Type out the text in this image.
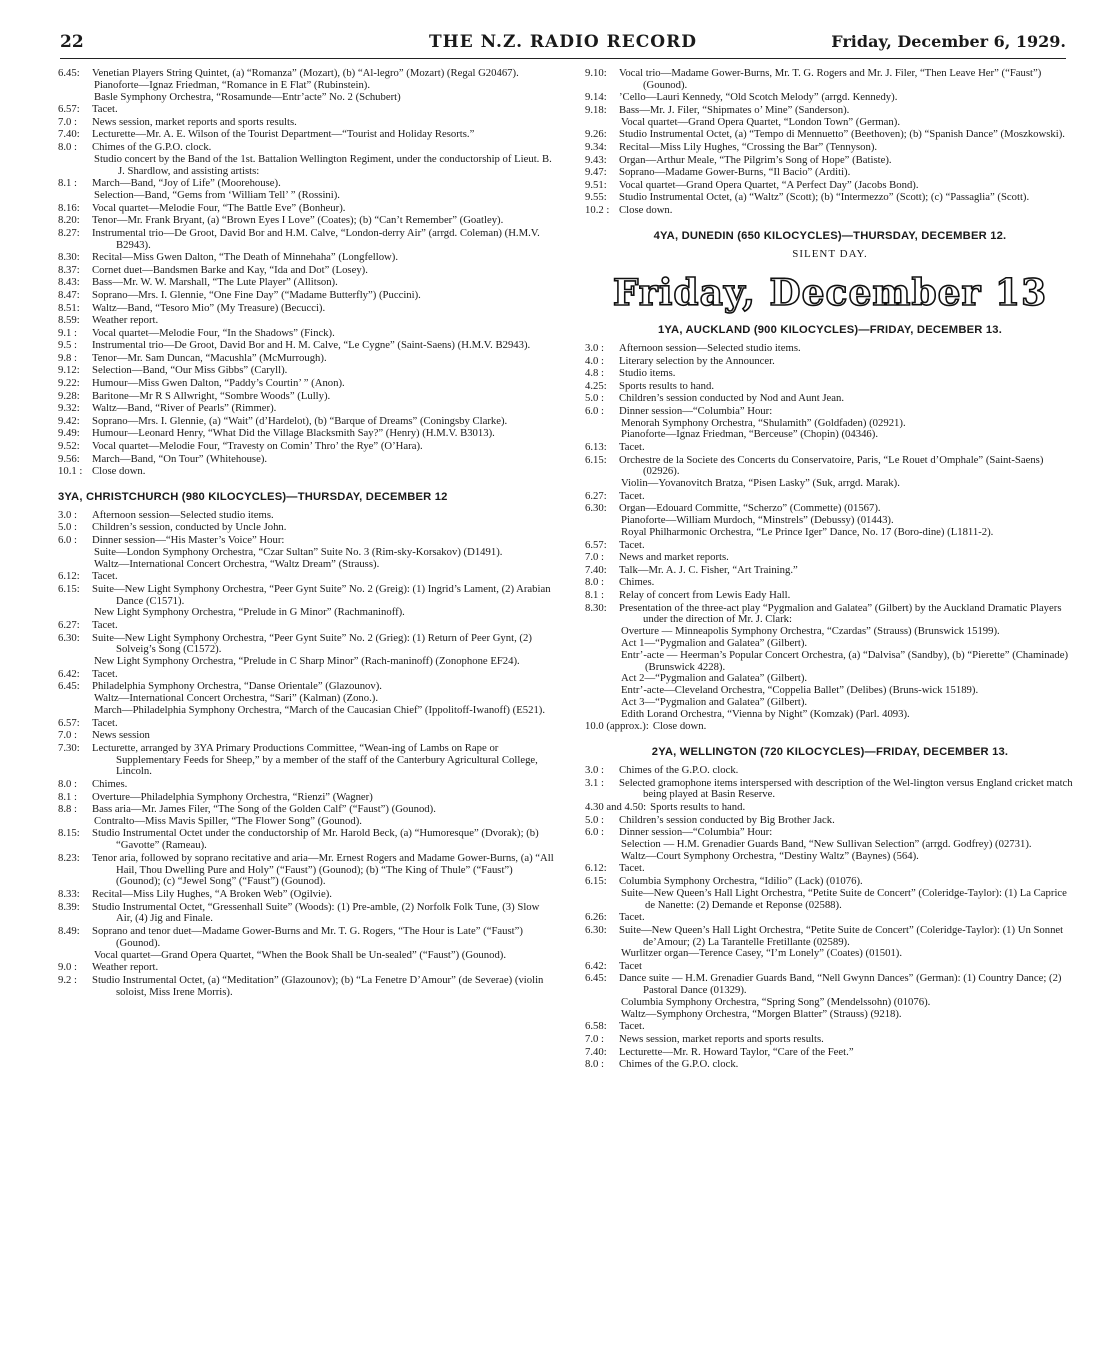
22	THE N.Z. RADIO RECORD	Friday, December 6, 1929.
6.45:	Venetian Players String Quintet, (a) “Romanza” (Mozart), (b) “Al-legro” (Mozart) (Regal G20467).
Pianoforte—Ignaz Friedman, “Romance in E Flat” (Rubinstein).
Basle Symphony Orchestra, “Rosamunde—Entr’acte” No. 2 (Schubert)
6.57:	Tacet.
7.0 :	News session, market reports and sports results.
7.40:	Lecturette—Mr. A. E. Wilson of the Tourist Department—“Tourist and Holiday Resorts.”
8.0 :	Chimes of the G.P.O. clock.
Studio concert by the Band of the 1st. Battalion Wellington Regiment, under the conductorship of Lieut. B. J. Shardlow, and assisting artists:
8.1 :	March—Band, “Joy of Life” (Moorehouse).
Selection—Band, “Gems from ‘William Tell’ ” (Rossini).
8.16:	Vocal quartet—Melodie Four, “The Battle Eve” (Bonheur).
8.20:	Tenor—Mr. Frank Bryant, (a) “Brown Eyes I Love” (Coates); (b) “Can’t Remember” (Goatley).
8.27:	Instrumental trio—De Groot, David Bor and H.M. Calve, “London-derry Air” (arrgd. Coleman) (H.M.V. B2943).
8.30:	Recital—Miss Gwen Dalton, “The Death of Minnehaha” (Longfellow).
8.37:	Cornet duet—Bandsmen Barke and Kay, “Ida and Dot” (Losey).
8.43:	Bass—Mr. W. W. Marshall, “The Lute Player” (Allitson).
8.47:	Soprano—Mrs. I. Glennie, “One Fine Day” (“Madame Butterfly”) (Puccini).
8.51:	Waltz—Band, “Tesoro Mio” (My Treasure) (Becucci).
8.59:	Weather report.
9.1 :	Vocal quartet—Melodie Four, “In the Shadows” (Finck).
9.5 :	Instrumental trio—De Groot, David Bor and H. M. Calve, “Le Cygne” (Saint-Saens) (H.M.V. B2943).
9.8 :	Tenor—Mr. Sam Duncan, “Macushla” (McMurrough).
9.12:	Selection—Band, “Our Miss Gibbs” (Caryll).
9.22:	Humour—Miss Gwen Dalton, “Paddy’s Courtin’ ” (Anon).
9.28:	Baritone—Mr R S Allwright, “Sombre Woods” (Lully).
9.32:	Waltz—Band, “River of Pearls” (Rimmer).
9.42:	Soprano—Mrs. I. Glennie, (a) “Wait” (d’Hardelot), (b) “Barque of Dreams” (Coningsby Clarke).
9.49:	Humour—Leonard Henry, “What Did the Village Blacksmith Say?” (Henry) (H.M.V. B3013).
9.52:	Vocal quartet—Melodie Four, “Travesty on Comin’ Thro’ the Rye” (O’Hara).
9.56:	March—Band, “On Tour” (Whitehouse).
10.1 : Close down.
3YA, CHRISTCHURCH (980 KILOCYCLES)—THURSDAY, DECEMBER 12
3.0 :	Afternoon session—Selected studio items.
5.0 :	Children’s session, conducted by Uncle John.
6.0 :	Dinner session—“His Master’s Voice” Hour:
Suite—London Symphony Orchestra, “Czar Sultan” Suite No. 3 (Rim-sky-Korsakov) (D1491).
Waltz—International Concert Orchestra, “Waltz Dream” (Strauss).
6.12:	Tacet.
6.15:	Suite—New Light Symphony Orchestra, “Peer Gynt Suite” No. 2 (Greig): (1) Ingrid’s Lament, (2) Arabian Dance (C1571).
New Light Symphony Orchestra, “Prelude in G Minor” (Rachmaninoff).
6.27:	Tacet.
6.30:	Suite—New Light Symphony Orchestra, “Peer Gynt Suite” No. 2 (Grieg): (1) Return of Peer Gynt, (2) Solveig’s Song (C1572).
New Light Symphony Orchestra, “Prelude in C Sharp Minor” (Rach-maninoff) (Zonophone EF24).
6.42:	Tacet.
6.45:	Philadelphia Symphony Orchestra, “Danse Orientale” (Glazounov).
Waltz—International Concert Orchestra, “Sari” (Kalman) (Zono.).
March—Philadelphia Symphony Orchestra, “March of the Caucasian Chief” (Ippolitoff-Iwanoff) (E521).
6.57:	Tacet.
7.0 :	News session
7.30:	Lecturette, arranged by 3YA Primary Productions Committee, “Wean-ing of Lambs on Rape or Supplementary Feeds for Sheep,” by a member of the staff of the Canterbury Agricultural College, Lincoln.
8.0 :	Chimes.
8.1 :	Overture—Philadelphia Symphony Orchestra, “Rienzi” (Wagner)
8.8 :	Bass aria—Mr. James Filer, “The Song of the Golden Calf” (“Faust”) (Gounod).
Contralto—Miss Mavis Spiller, “The Flower Song” (Gounod).
8.15:	Studio Instrumental Octet under the conductorship of Mr. Harold Beck, (a) “Humoresque” (Dvorak); (b) “Gavotte” (Rameau).
8.23:	Tenor aria, followed by soprano recitative and aria—Mr. Ernest Rogers and Madame Gower-Burns, (a) “All Hail, Thou Dwelling Pure and Holy” (“Faust”) (Gounod); (b) “The King of Thule” (“Faust”) (Gounod); (c) “Jewel Song” (“Faust”) (Gounod).
8.33:	Recital—Miss Lily Hughes, “A Broken Web” (Ogilvie).
8.39:	Studio Instrumental Octet, “Gressenhall Suite” (Woods): (1) Pre-amble, (2) Norfolk Folk Tune, (3) Slow Air, (4) Jig and Finale.
8.49:	Soprano and tenor duet—Madame Gower-Burns and Mr. T. G. Rogers, “The Hour is Late” (“Faust”) (Gounod).
Vocal quartet—Grand Opera Quartet, “When the Book Shall be Un-sealed” (“Faust”) (Gounod).
9.0 :	Weather report.
9.2 :	Studio Instrumental Octet, (a) “Meditation” (Glazounov); (b) “La Fenetre D’Amour” (de Severae) (violin soloist, Miss Irene Morris).
9.10:	Vocal trio—Madame Gower-Burns, Mr. T. G. Rogers and Mr. J. Filer, “Then Leave Her” (“Faust”) (Gounod).
9.14:	’Cello—Lauri Kennedy, “Old Scotch Melody” (arrgd. Kennedy).
9.18:	Bass—Mr. J. Filer, “Shipmates o’ Mine” (Sanderson).
Vocal quartet—Grand Opera Quartet, “London Town” (German).
9.26:	Studio Instrumental Octet, (a) “Tempo di Mennuetto” (Beethoven); (b) “Spanish Dance” (Moszkowski).
9.34:	Recital—Miss Lily Hughes, “Crossing the Bar” (Tennyson).
9.43:	Organ—Arthur Meale, “The Pilgrim’s Song of Hope” (Batiste).
9.47:	Soprano—Madame Gower-Burns, “Il Bacio” (Arditi).
9.51:	Vocal quartet—Grand Opera Quartet, “A Perfect Day” (Jacobs Bond).
9.55:	Studio Instrumental Octet, (a) “Waltz” (Scott); (b) “Intermezzo” (Scott); (c) “Passaglia” (Scott).
10.2 : Close down.
4YA, DUNEDIN (650 KILOCYCLES)—THURSDAY, DECEMBER 12.
SILENT DAY.
Friday, December 13
1YA, AUCKLAND (900 KILOCYCLES)—FRIDAY, DECEMBER 13.
3.0 :	Afternoon session—Selected studio items.
4.0 :	Literary selection by the Announcer.
4.8 :	Studio items.
4.25:	Sports results to hand.
5.0 :	Children’s session conducted by Nod and Aunt Jean.
6.0 :	Dinner session—“Columbia” Hour:
Menorah Symphony Orchestra, “Shulamith” (Goldfaden) (02921).
Pianoforte—Ignaz Friedman, “Berceuse” (Chopin) (04346).
6.13:	Tacet.
6.15:	Orchestre de la Societe des Concerts du Conservatoire, Paris, “Le Rouet d’Omphale” (Saint-Saens) (02926).
Violin—Yovanovitch Bratza, “Pisen Lasky” (Suk, arrgd. Marak).
6.27:	Tacet.
6.30:	Organ—Edouard Committe, “Scherzo” (Commette) (01567).
Pianoforte—William Murdoch, “Minstrels” (Debussy) (01443).
Royal Philharmonic Orchestra, “Le Prince Iger” Dance, No. 17 (Boro-dine) (L1811-2).
6.57:	Tacet.
7.0 :	News and market reports.
7.40:	Talk—Mr. A. J. C. Fisher, “Art Training.”
8.0 :	Chimes.
8.1 :	Relay of concert from Lewis Eady Hall.
8.30:	Presentation of the three-act play “Pygmalion and Galatea” (Gilbert) by the Auckland Dramatic Players under the direction of Mr. J. Clark:
Overture — Minneapolis Symphony Orchestra, “Czardas” (Strauss) (Brunswick 15199).
Act 1—“Pygmalion and Galatea” (Gilbert).
Entr’-acte — Heerman’s Popular Concert Orchestra, (a) “Dalvisa” (Sandby), (b) “Pierette” (Chaminade) (Brunswick 4228).
Act 2—“Pygmalion and Galatea” (Gilbert).
Entr’-acte—Cleveland Orchestra, “Coppelia Ballet” (Delibes) (Bruns-wick 15189).
Act 3—“Pygmalion and Galatea” (Gilbert).
Edith Lorand Orchestra, “Vienna by Night” (Komzak) (Parl. 4093).
10.0 (approx.): Close down.
2YA, WELLINGTON (720 KILOCYCLES)—FRIDAY, DECEMBER 13.
3.0 :	Chimes of the G.P.O. clock.
3.1 :	Selected gramophone items interspersed with description of the Wel-lington versus England cricket match being played at Basin Reserve.
4.30 and 4.50: Sports results to hand.
5.0 :	Children’s session conducted by Big Brother Jack.
6.0 :	Dinner session—“Columbia” Hour:
Selection — H.M. Grenadier Guards Band, “New Sullivan Selection” (arrgd. Godfrey) (02731).
Waltz—Court Symphony Orchestra, “Destiny Waltz” (Baynes) (564).
6.12:	Tacet.
6.15:	Columbia Symphony Orchestra, “Idilio” (Lack) (01076).
Suite—New Queen’s Hall Light Orchestra, “Petite Suite de Concert” (Coleridge-Taylor): (1) La Caprice de Nanette: (2) Demande et Reponse (02588).
6.26:	Tacet.
6.30:	Suite—New Queen’s Hall Light Orchestra, “Petite Suite de Concert” (Coleridge-Taylor): (1) Un Sonnet de’Amour; (2) La Tarantelle Fretillante (02589).
Wurlitzer organ—Terence Casey, “I’m Lonely” (Coates) (01501).
6.42:	Tacet
6.45:	Dance suite — H.M. Grenadier Guards Band, “Nell Gwynn Dances” (German): (1) Country Dance; (2) Pastoral Dance (01329).
Columbia Symphony Orchestra, “Spring Song” (Mendelssohn) (01076).
Waltz—Symphony Orchestra, “Morgen Blatter” (Strauss) (9218).
6.58:	Tacet.
7.0 :	News session, market reports and sports results.
7.40:	Lecturette—Mr. R. Howard Taylor, “Care of the Feet.”
8.0 :	Chimes of the G.P.O. clock.
